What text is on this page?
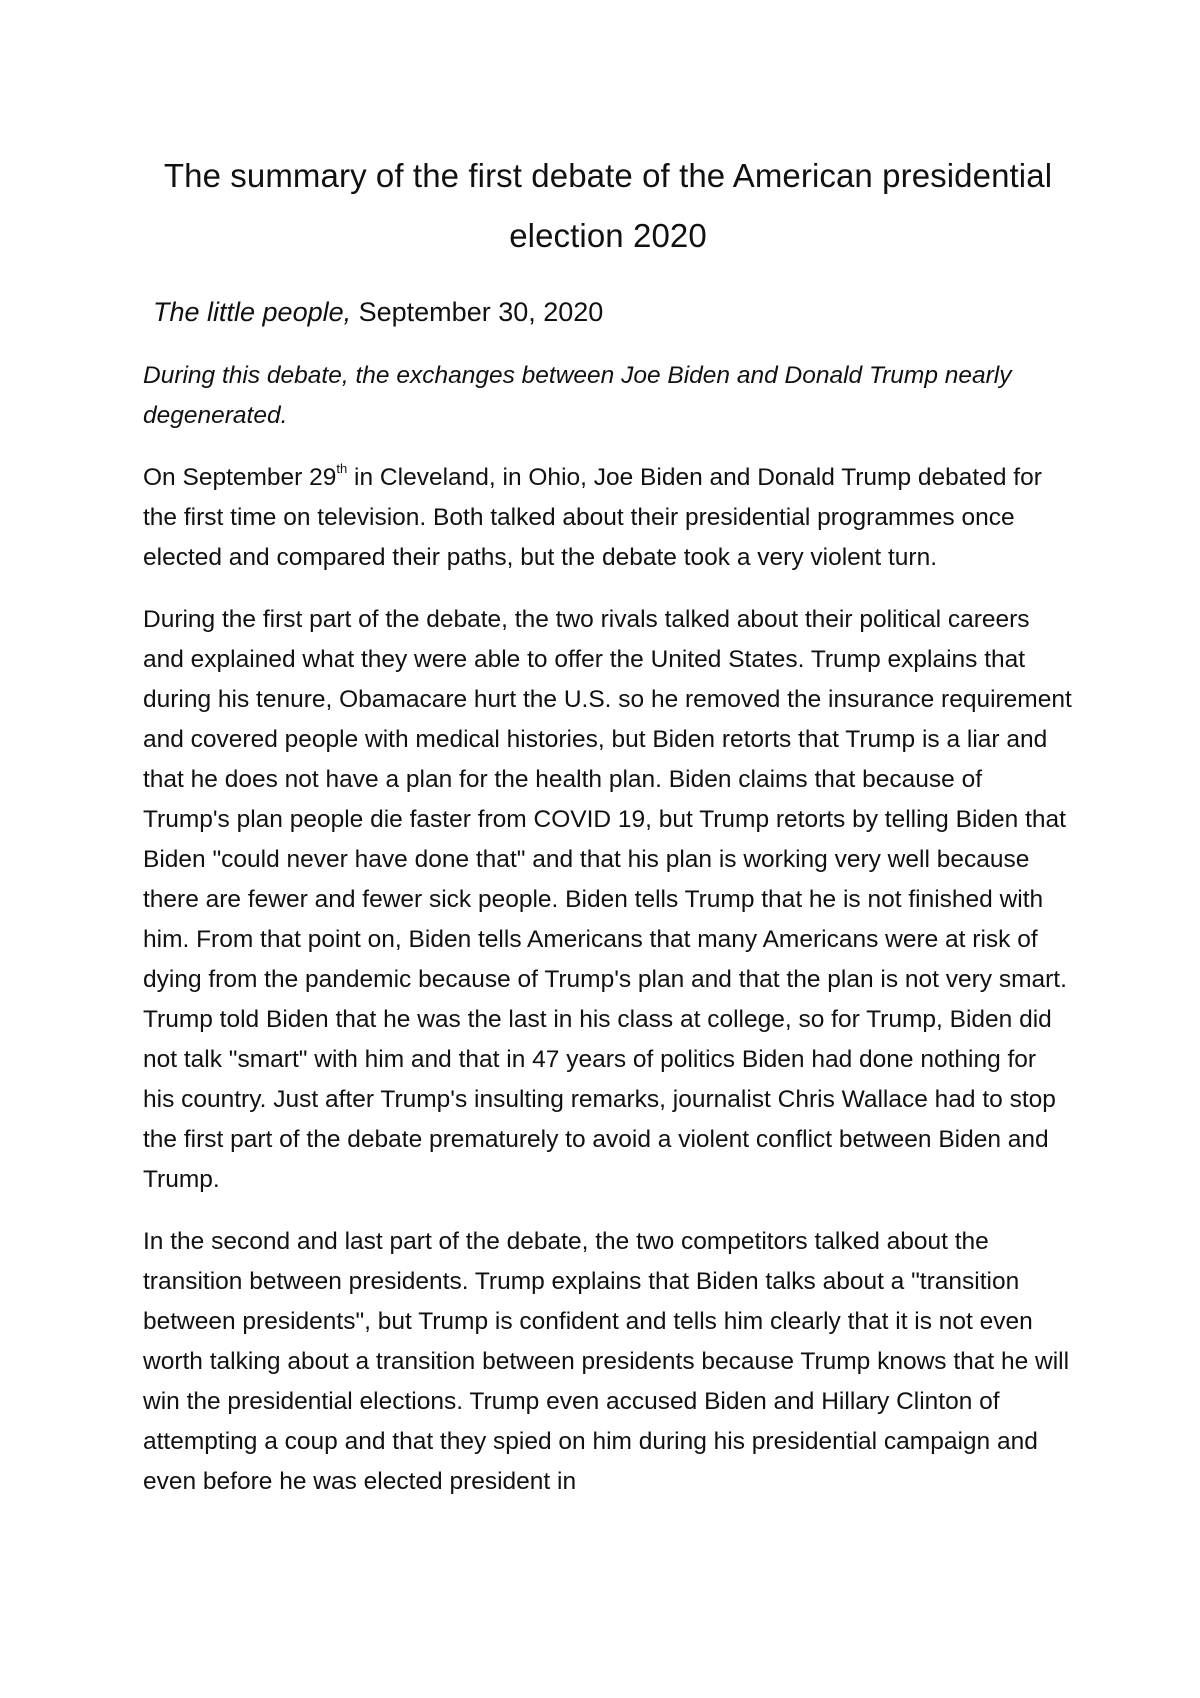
The summary of the first debate of the American presidential election 2020

The little people, September 30, 2020

During this debate, the exchanges between Joe Biden and Donald Trump nearly degenerated.

On September 29th in Cleveland, in Ohio, Joe Biden and Donald Trump debated for the first time on television. Both talked about their presidential programmes once elected and compared their paths, but the debate took a very violent turn.

During the first part of the debate, the two rivals talked about their political careers and explained what they were able to offer the United States. Trump explains that during his tenure, Obamacare hurt the U.S. so he removed the insurance requirement and covered people with medical histories, but Biden retorts that Trump is a liar and that he does not have a plan for the health plan. Biden claims that because of Trump's plan people die faster from COVID 19, but Trump retorts by telling Biden that Biden "could never have done that" and that his plan is working very well because there are fewer and fewer sick people. Biden tells Trump that he is not finished with him. From that point on, Biden tells Americans that many Americans were at risk of dying from the pandemic because of Trump's plan and that the plan is not very smart. Trump told Biden that he was the last in his class at college, so for Trump, Biden did not talk "smart" with him and that in 47 years of politics Biden had done nothing for his country. Just after Trump's insulting remarks, journalist Chris Wallace had to stop the first part of the debate prematurely to avoid a violent conflict between Biden and Trump.

In the second and last part of the debate, the two competitors talked about the transition between presidents. Trump explains that Biden talks about a "transition between presidents", but Trump is confident and tells him clearly that it is not even worth talking about a transition between presidents because Trump knows that he will win the presidential elections. Trump even accused Biden and Hillary Clinton of attempting a coup and that they spied on him during his presidential campaign and even before he was elected president in
